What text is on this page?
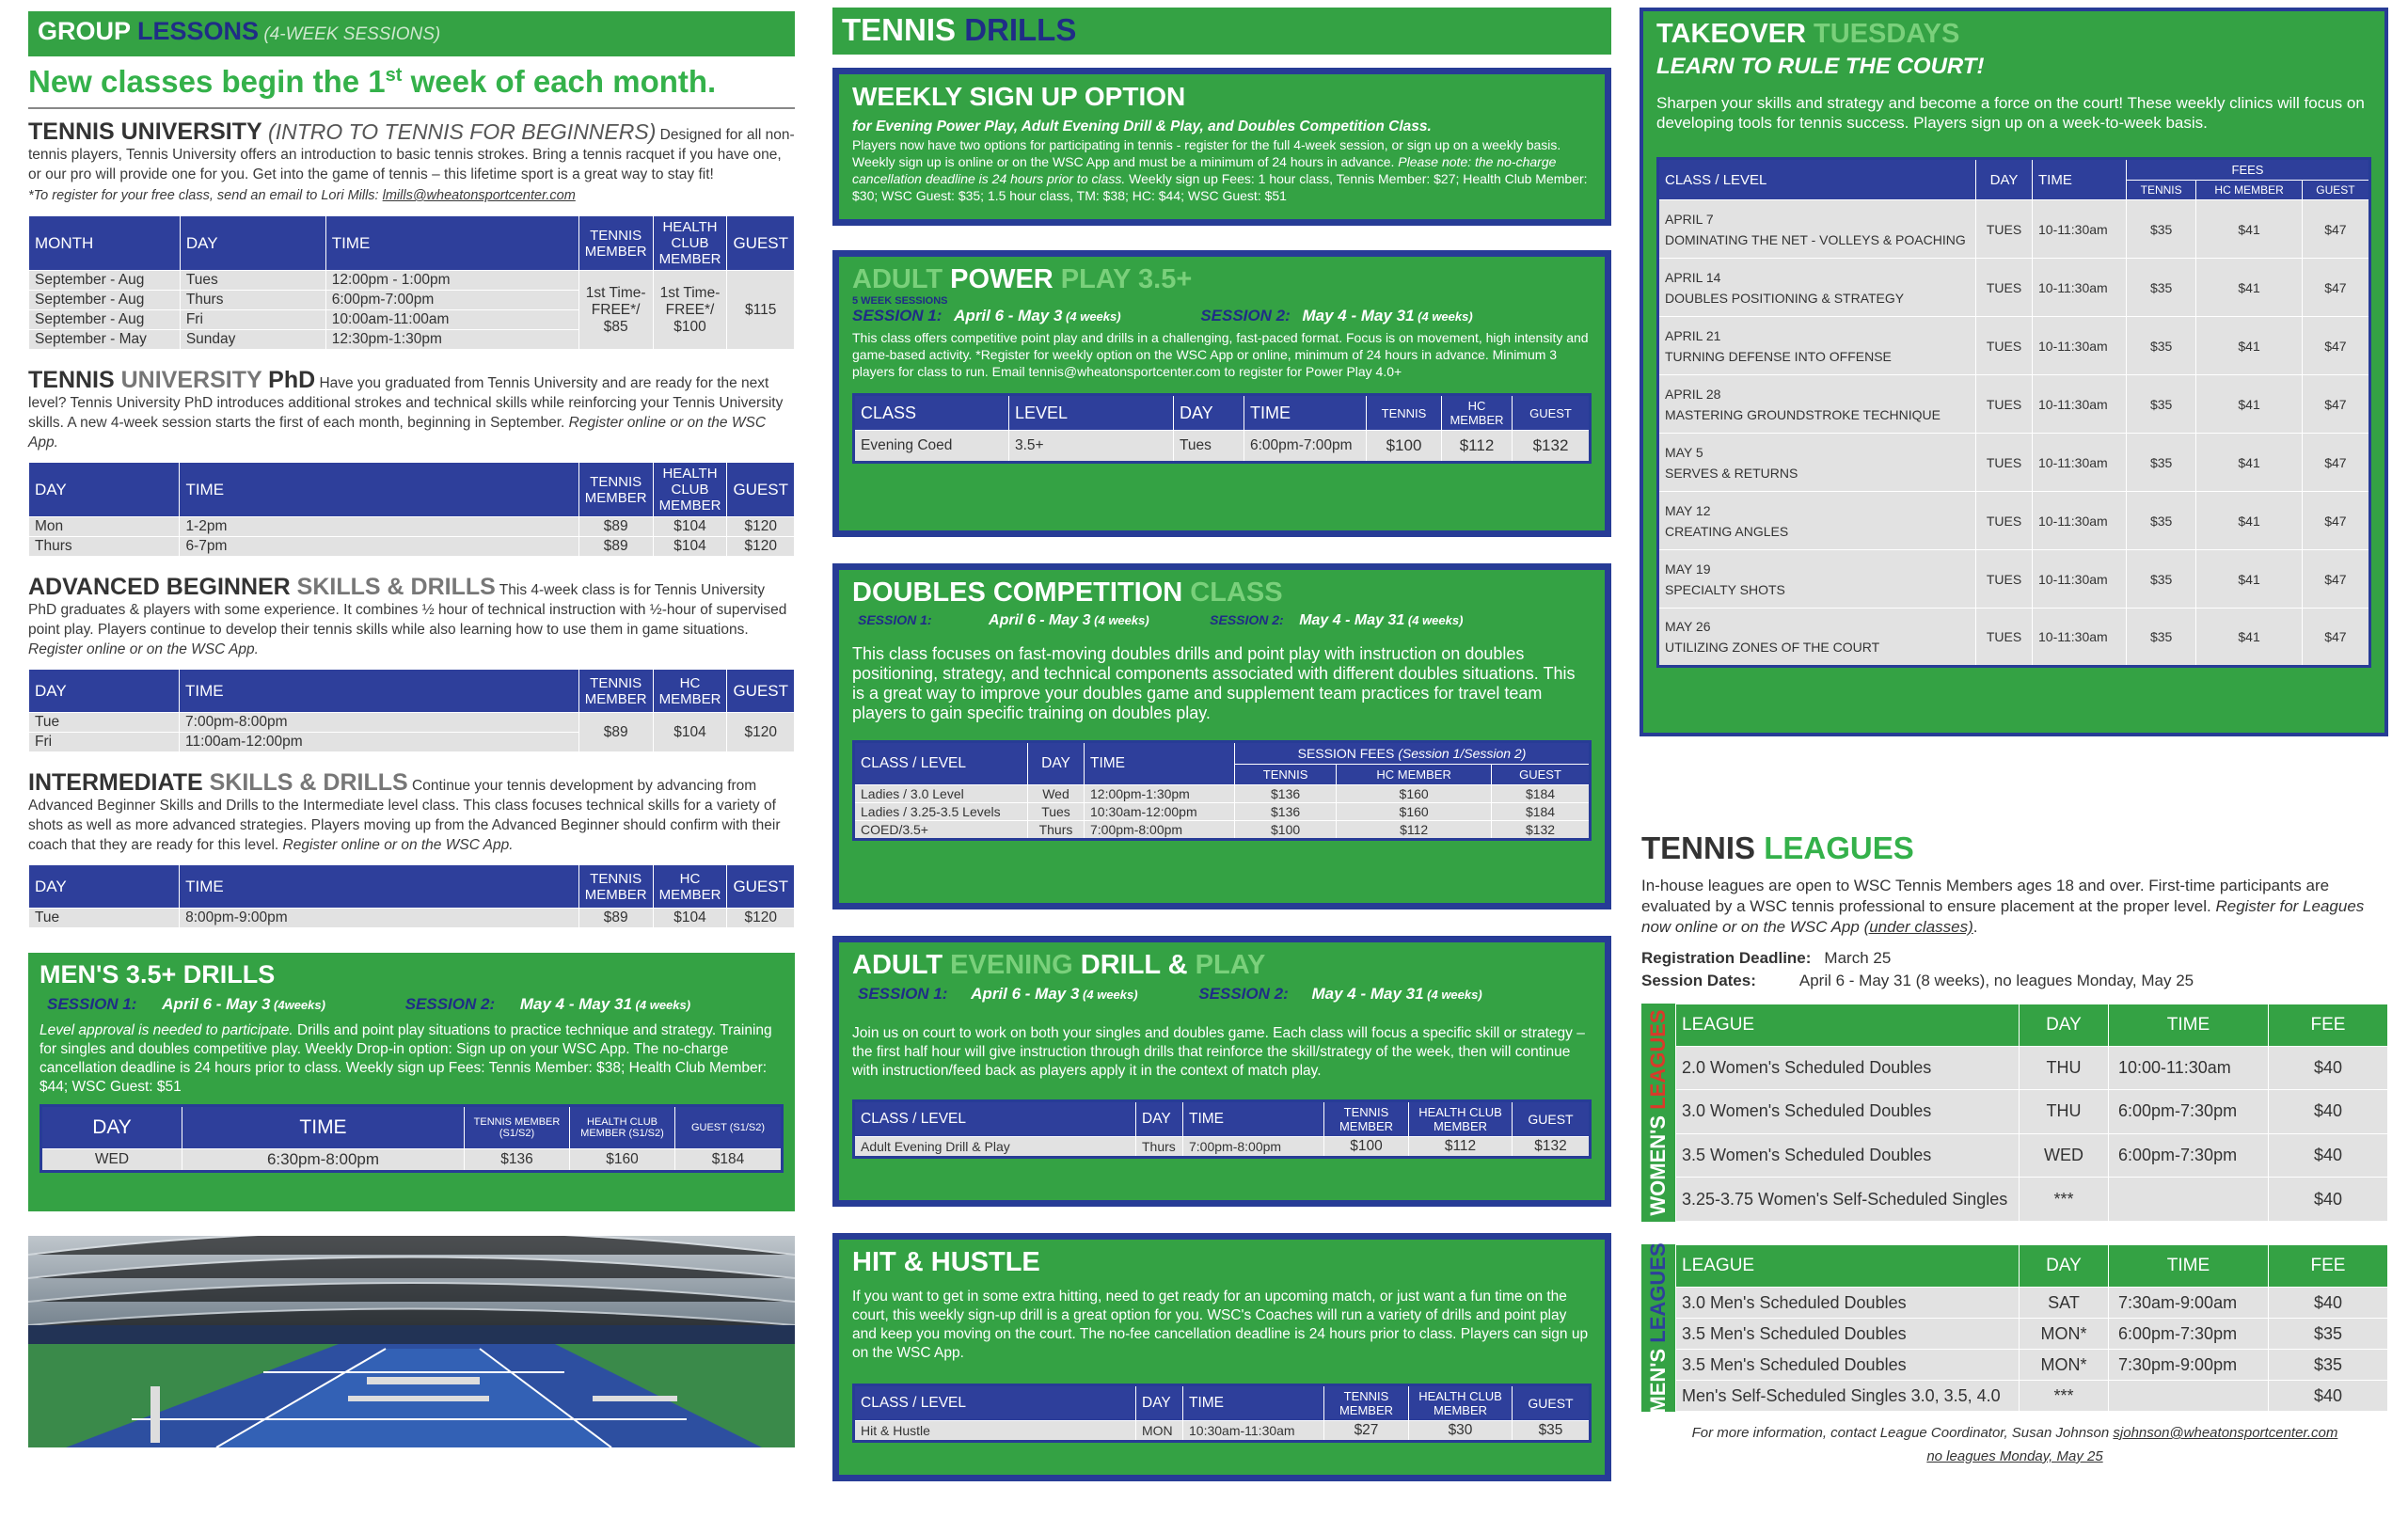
GROUP LESSONS (4-WEEK SESSIONS)
New classes begin the 1st week of each month.

TENNIS UNIVERSITY (INTRO TO TENNIS FOR BEGINNERS) Designed for all non-tennis players, Tennis University offers an introduction to basic tennis strokes. Bring a tennis racquet if you have one, or our pro will provide one for you. Get into the game of tennis – this lifetime sport is a great way to stay fit!

*To register for your free class, send an email to Lori Mills: lmills@wheatonsportcenter.com

MONTH	DAY	TIME	TENNIS MEMBER	HEALTH CLUB MEMBER	GUEST
September - Aug	Tues	12:00pm - 1:00pm	1st Time-FREE*/ $85	1st Time-FREE*/ $100	$115
September - Aug	Thurs	6:00pm-7:00pm			
September - Aug	Fri	10:00am-11:00am			
September - May	Sunday	12:30pm-1:30pm			

TENNIS UNIVERSITY PhD Have you graduated from Tennis University and are ready for the next level? Tennis University PhD introduces additional strokes and technical skills while reinforcing your Tennis University skills. A new 4-week session starts the first of each month, beginning in September. Register online or on the WSC App.

DAY	TIME	TENNIS MEMBER	HEALTH CLUB MEMBER	GUEST
Mon	1-2pm	$89	$104	$120
Thurs	6-7pm	$89	$104	$120

ADVANCED BEGINNER SKILLS & DRILLS This 4-week class is for Tennis University PhD graduates & players with some experience. It combines ½ hour of technical instruction with ½-hour of supervised point play. Players continue to develop their tennis skills while also learning how to use them in game situations. Register online or on the WSC App.

DAY	TIME	TENNIS MEMBER	HC MEMBER	GUEST
Tue	7:00pm-8:00pm	$89	$104	$120
Fri	11:00am-12:00pm			

INTERMEDIATE SKILLS & DRILLS Continue your tennis development by advancing from Advanced Beginner Skills and Drills to the Intermediate level class. This class focuses technical skills for a variety of shots as well as more advanced strategies. Players moving up from the Advanced Beginner should confirm with their coach that they are ready for this level. Register online or on the WSC App.

DAY	TIME	TENNIS MEMBER	HC MEMBER	GUEST
Tue	8:00pm-9:00pm	$89	$104	$120
MEN'S 3.5+ DRILLS
SESSION 1: April 6 - May 3 (4weeks)	SESSION 2: May 4 - May 31 (4 weeks)

Level approval is needed to participate. Drills and point play situations to practice technique and strategy. Training for singles and doubles competitive play. Weekly Drop-in option: Sign up on your WSC App. The no-charge cancellation deadline is 24 hours prior to class. Weekly sign up Fees: Tennis Member: $38; Health Club Member: $44; WSC Guest: $51

DAY	TIME	TENNIS MEMBER (S1/S2)	HEALTH CLUB MEMBER (S1/S2)	GUEST (S1/S2)
WED	6:30pm-8:00pm	$136	$160	$184
TENNIS DRILLS
WEEKLY SIGN UP OPTION

for Evening Power Play, Adult Evening Drill & Play, and Doubles Competition Class.

Players now have two options for participating in tennis - register for the full 4-week session, or sign up on a weekly basis. Weekly sign up is online or on the WSC App and must be a minimum of 24 hours in advance. Please note: the no-charge cancellation deadline is 24 hours prior to class. Weekly sign up Fees: 1 hour class, Tennis Member: $27; Health Club Member: $30; WSC Guest: $35; 1.5 hour class, TM: $38; HC: $44; WSC Guest: $51

ADULT POWER PLAY 3.5+
5 WEEK SESSIONS
SESSION 1: April 6 - May 3 (4 weeks)	SESSION 2: May 4 - May 31 (4 weeks)

This class offers competitive point play and drills in a challenging, fast-paced format. Focus is on movement, high intensity and game-based activity. *Register for weekly option on the WSC App or online, minimum of 24 hours in advance. Minimum 3 players for class to run. Email tennis@wheatonsportcenter.com to register for Power Play 4.0+

CLASS	LEVEL	DAY	TIME	TENNIS	HC MEMBER	GUEST
Evening Coed	3.5+	Tues	6:00pm-7:00pm	$100	$112	$132
DOUBLES COMPETITION CLASS
SESSION 1:	April 6 - May 3 (4 weeks)	SESSION 2: May 4 - May 31 (4 weeks)

This class focuses on fast-moving doubles drills and point play with instruction on doubles positioning, strategy, and technical components associated with different doubles situations. This is a great way to improve your doubles game and supplement team practices for travel team players to gain specific training on doubles play.

CLASS / LEVEL	DAY	TIME	SESSION FEES (Session 1/Session 2)		
			TENNIS	HC MEMBER	GUEST
Ladies / 3.0 Level	Wed	12:00pm-1:30pm	$136	$160	$184
Ladies / 3.25-3.5 Levels	Tues	10:30am-12:00pm	$136	$160	$184
COED/3.5+	Thurs	7:00pm-8:00pm	$100	$112	$132
ADULT EVENING DRILL & PLAY
SESSION 1: April 6 - May 3 (4 weeks)	SESSION 2: May 4 - May 31 (4 weeks)

Join us on court to work on both your singles and doubles game. Each class will focus a specific skill or strategy – the first half hour will give instruction through drills that reinforce the skill/strategy of the week, then will continue with instruction/feed back as players apply it in the context of match play.

CLASS / LEVEL	DAY	TIME	TENNIS MEMBER	HEALTH CLUB MEMBER	GUEST
Adult Evening Drill & Play	Thurs	7:00pm-8:00pm	$100	$112	$132
HIT & HUSTLE

If you want to get in some extra hitting, need to get ready for an upcoming match, or just want a fun time on the court, this weekly sign-up drill is a great option for you. WSC's Coaches will run a variety of drills and point play and keep you moving on the court. The no-fee cancellation deadline is 24 hours prior to class. Players can sign up on the WSC App.

CLASS / LEVEL	DAY	TIME	TENNIS MEMBER	HEALTH CLUB MEMBER	GUEST
Hit & Hustle	MON	10:30am-11:30am	$27	$30	$35
TAKEOVER TUESDAYS
LEARN TO RULE THE COURT!

Sharpen your skills and strategy and become a force on the court! These weekly clinics will focus on developing tools for tennis success. Players sign up on a week-to-week basis.

CLASS / LEVEL	DAY	TIME	FEES		
			TENNIS	HC MEMBER	GUEST

APRIL 7
DOMINATING THE NET - VOLLEYS & POACHING	TUES	10-11:30am	$35	$41	$47

APRIL 14
DOUBLES POSITIONING & STRATEGY	TUES	10-11:30am	$35	$41	$47

APRIL 21
TURNING DEFENSE INTO OFFENSE	TUES	10-11:30am	$35	$41	$47

APRIL 28
MASTERING GROUNDSTROKE TECHNIQUE	TUES	10-11:30am	$35	$41	$47

MAY 5
SERVES & RETURNS	TUES	10-11:30am	$35	$41	$47

MAY 12
CREATING ANGLES	TUES	10-11:30am	$35	$41	$47

MAY 19
SPECIALTY SHOTS	TUES	10-11:30am	$35	$41	$47

MAY 26
UTILIZING ZONES OF THE COURT	TUES	10-11:30am	$35	$41	$47
TENNIS LEAGUES

In-house leagues are open to WSC Tennis Members ages 18 and over. First-time participants are evaluated by a WSC tennis professional to ensure placement at the proper level. Register for Leagues now online or on the WSC App (under classes).

Registration Deadline: March 25
Session Dates:	April 6 - May 31 (8 weeks), no leagues Monday, May 25
WOMEN'S LEAGUES LEAGUE	DAY	TIME	FEE
2.0 Women's Scheduled Doubles	THU	10:00-11:30am	$40
3.0 Women's Scheduled Doubles	THU	6:00pm-7:30pm	$40
3.5 Women's Scheduled Doubles	WED	6:00pm-7:30pm	$40
3.25-3.75 Women's Self-Scheduled Singles	***		$40
MEN'S LEAGUES LEAGUE	DAY	TIME	FEE
3.0 Men's Scheduled Doubles	SAT	7:30am-9:00am	$40
3.5 Men's Scheduled Doubles	MON*	6:00pm-7:30pm	$35
3.5 Men's Scheduled Doubles	MON*	7:30pm-9:00pm	$35
Men's Self-Scheduled Singles 3.0, 3.5, 4.0	***		$40

For more information, contact League Coordinator, Susan Johnson sjohnson@wheatonsportcenter.com

no leagues Monday, May 25
